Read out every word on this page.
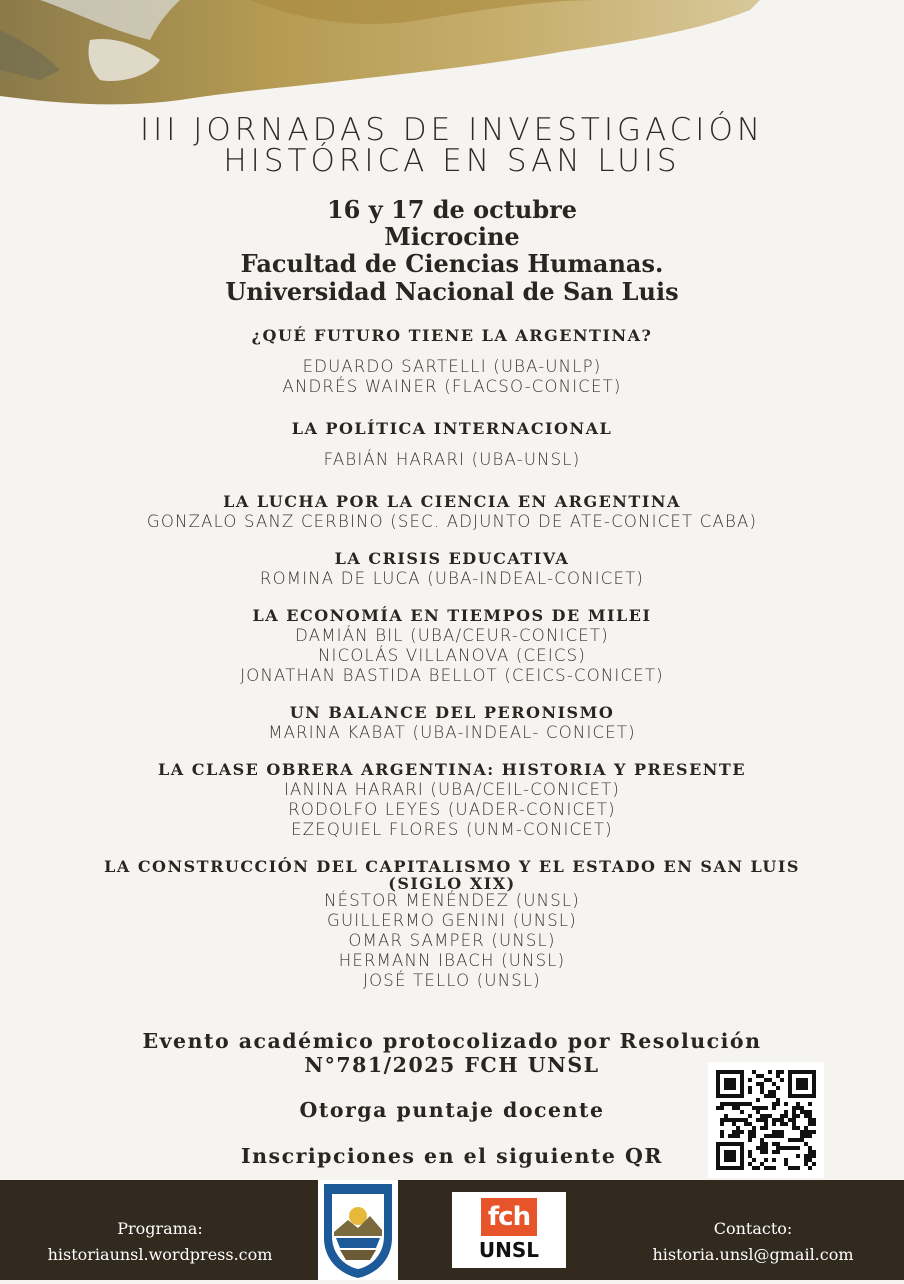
III JORNADAS DE INVESTIGACIÓN
HISTÓRICA EN SAN LUIS
16 y 17 de octubre
Microcine
Facultad de Ciencias Humanas.
Universidad Nacional de San Luis
¿QUÉ FUTURO TIENE LA ARGENTINA?
EDUARDO SARTELLI (UBA-UNLP)
ANDRÉS WAINER (FLACSO-CONICET)
LA POLÍTICA INTERNACIONAL
FABIÁN HARARI (UBA-UNSL)
LA LUCHA POR LA CIENCIA EN ARGENTINA
GONZALO SANZ CERBINO (SEC. ADJUNTO DE ATE-CONICET CABA)
LA CRISIS EDUCATIVA
ROMINA DE LUCA (UBA-INDEAL-CONICET)
LA ECONOMÍA EN TIEMPOS DE MILEI
DAMIÁN BIL (UBA/CEUR-CONICET)
NICOLÁS VILLANOVA (CEICS)
JONATHAN BASTIDA BELLOT (CEICS-CONICET)
UN BALANCE DEL PERONISMO
MARINA KABAT (UBA-INDEAL- CONICET)
LA CLASE OBRERA ARGENTINA: HISTORIA Y PRESENTE
IANINA HARARI (UBA/CEIL-CONICET)
RODOLFO LEYES (UADER-CONICET)
EZEQUIEL FLORES (UNM-CONICET)
LA CONSTRUCCIÓN DEL CAPITALISMO Y EL ESTADO EN SAN LUIS
(SIGLO XIX)
NÉSTOR MENÉNDEZ (UNSL)
GUILLERMO GENINI (UNSL)
OMAR SAMPER (UNSL)
HERMANN IBACH (UNSL)
JOSÉ TELLO (UNSL)
Evento académico protocolizado por Resolución
N°781/2025 FCH UNSL
Otorga puntaje docente
Inscripciones en el siguiente QR
Programa:
historiaunsl.wordpress.com
fch
UNSL
Contacto:
historia.unsl@gmail.com
